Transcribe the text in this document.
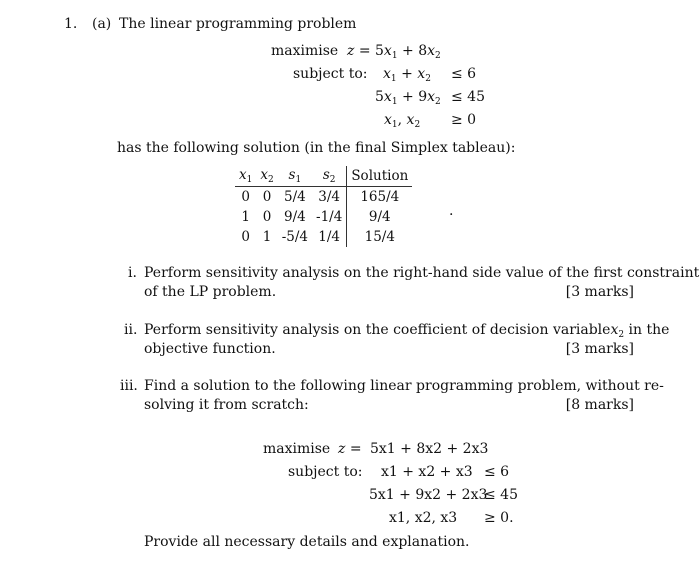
1. (a) The linear programming problem
maximise $z = 5x_1 + 8x_2$
subject to: $x_1 + x_2 \le 6$
$5x_1 + 9x_2 \le 45$
$x_1$, $x_2 \ge 0$
has the following solution (in the final Simplex tableau):
$x_1$	$x_2$	$s_1$	$s_2$	Solution
0	0	5/4	3/4	165/4
1	0	9/4	-1/4	9/4
0	1	-5/4	1/4	15/4
.
i. Perform sensitivity analysis on the right-hand side value of the first constraint
of the LP problem.	[3 marks]
ii. Perform sensitivity analysis on the coefficient of decision variable $x_2$ in the
objective function.	[3 marks]
iii. Find a solution to the following linear programming problem, without re-
solving it from scratch:	[8 marks]
maximise z = 5x1 + 8x2 + 2x3
subject to: x1 + x2 + x3 ≤ 6
5x1 + 9x2 + 2x3
≤ 45
x1, x2, x3 ≥ 0.
Provide all necessary details and explanation.
